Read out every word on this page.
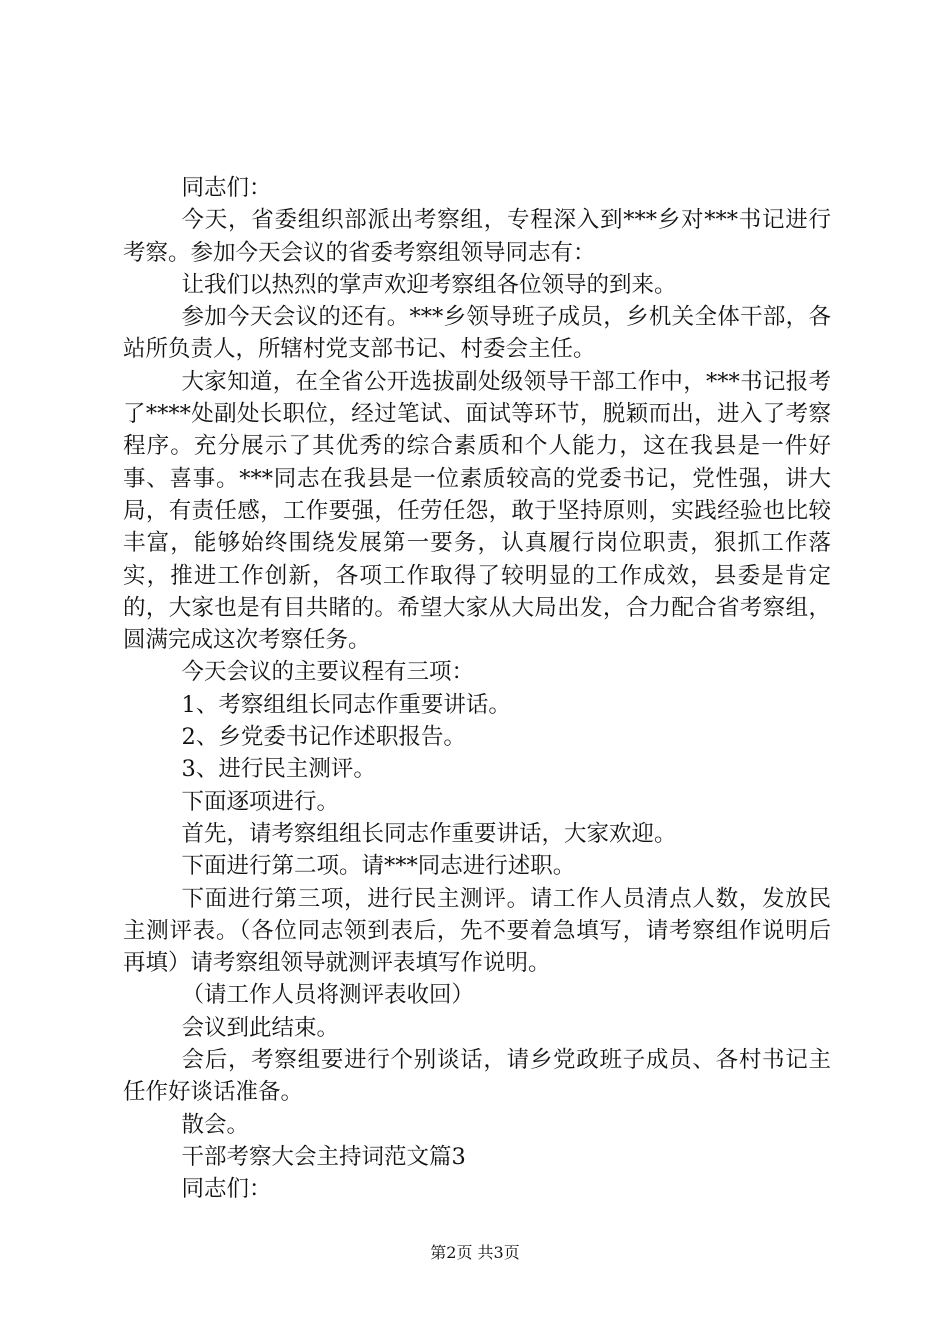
同志们：

今天，省委组织部派出考察组，专程深入到***乡对***书记进行考察。参加今天会议的省委考察组领导同志有：

让我们以热烈的掌声欢迎考察组各位领导的到来。

参加今天会议的还有。***乡领导班子成员，乡机关全体干部，各站所负责人，所辖村党支部书记、村委会主任。

大家知道，在全省公开选拔副处级领导干部工作中，***书记报考了****处副处长职位，经过笔试、面试等环节，脱颖而出，进入了考察程序。充分展示了其优秀的综合素质和个人能力，这在我县是一件好事、喜事。***同志在我县是一位素质较高的党委书记，党性强，讲大局，有责任感，工作要强，任劳任怨，敢于坚持原则，实践经验也比较丰富，能够始终围绕发展第一要务，认真履行岗位职责，狠抓工作落实，推进工作创新，各项工作取得了较明显的工作成效，县委是肯定的，大家也是有目共睹的。希望大家从大局出发，合力配合省考察组，圆满完成这次考察任务。

今天会议的主要议程有三项：

1、考察组组长同志作重要讲话。

2、乡党委书记作述职报告。

3、进行民主测评。

下面逐项进行。

首先，请考察组组长同志作重要讲话，大家欢迎。

下面进行第二项。请***同志进行述职。

下面进行第三项，进行民主测评。请工作人员清点人数，发放民主测评表。（各位同志领到表后，先不要着急填写，请考察组作说明后再填）请考察组领导就测评表填写作说明。

（请工作人员将测评表收回）

会议到此结束。

会后，考察组要进行个别谈话，请乡党政班子成员、各村书记主任作好谈话准备。

散会。

干部考察大会主持词范文篇3

同志们：

第2页 共3页
